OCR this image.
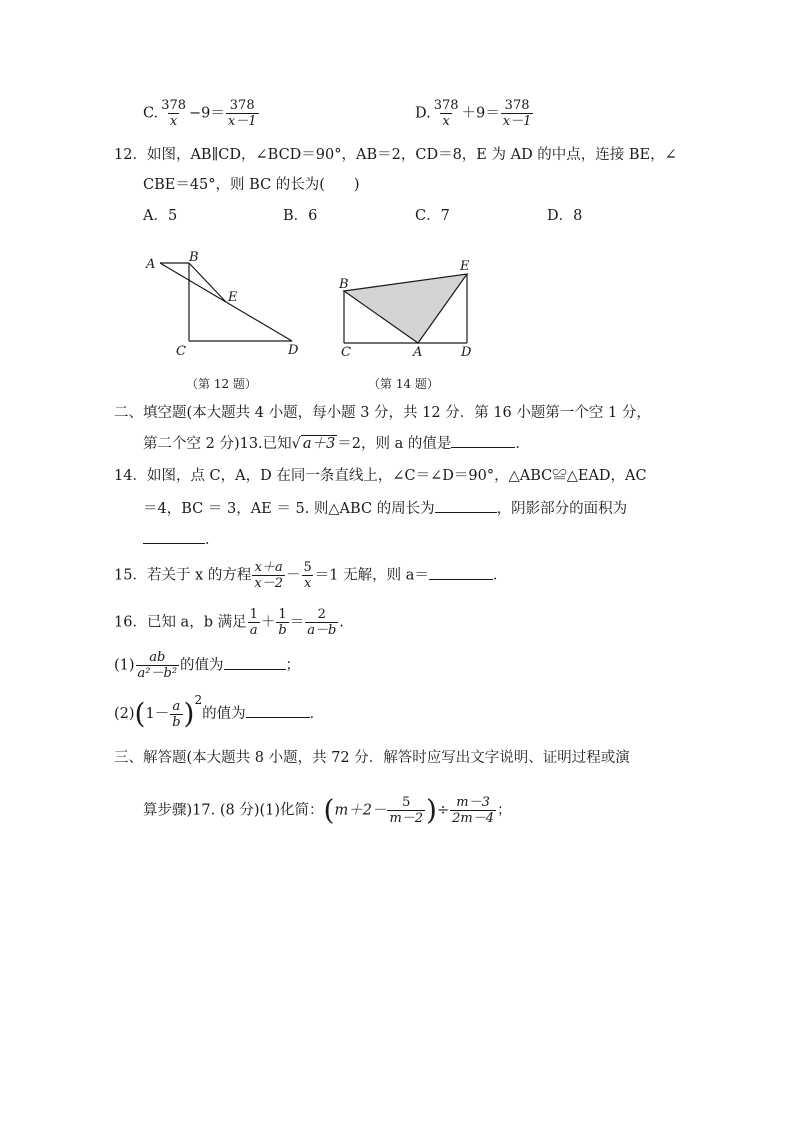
C. $\frac{378}{x} -9= \frac{378}{x-1}$	D. $\frac{378}{x} +9= \frac{378}{x-1}$
12．如图，AB∥CD，∠BCD＝90°，AB＝2，CD＝8，E 为 AD 的中点，连接 BE，∠
CBE＝45°，则 BC 的长为(　　)
A．5	B．6	C．7	D．8
A	B
E
C	D
（第 12 题）
B
E
C	A	D
（第 14 题）
二、填空题(本大题共 4 小题，每小题 3 分，共 12 分．第 16 小题第一个空 1 分，
第二个空 2 分)13.已知√ a＋3 ＝2，则 a 的值是	．
14．如图，点 C，A，D 在同一条直线上，∠C＝∠D＝90°，△ABC≌△EAD，AC
＝4，BC ＝ 3，AE ＝ 5. 则△ABC 的周长为	，阴影部分的面积为
．
15．若关于 x 的方程 $\frac{x+a}{x-2} - \frac{5}{x} =1$ 无解，则 a＝	．
16．已知 a，b 满足 $\frac{1}{a} + \frac{1}{b} = \frac{2}{a-b}$ .
$(1) \frac{ab}{\text{a²－b²}}$ 的值为	；
$(2)(1- \frac{a}{b} )^2$的值为	．
三、解答题(本大题共 8 小题，共 72 分．解答时应写出文字说明、证明过程或演
算步骤)17. (8 分)(1)化简：($m+2- \frac{5}{m-2}$ )÷ $\frac{m-3}{2m-4}$ ；
